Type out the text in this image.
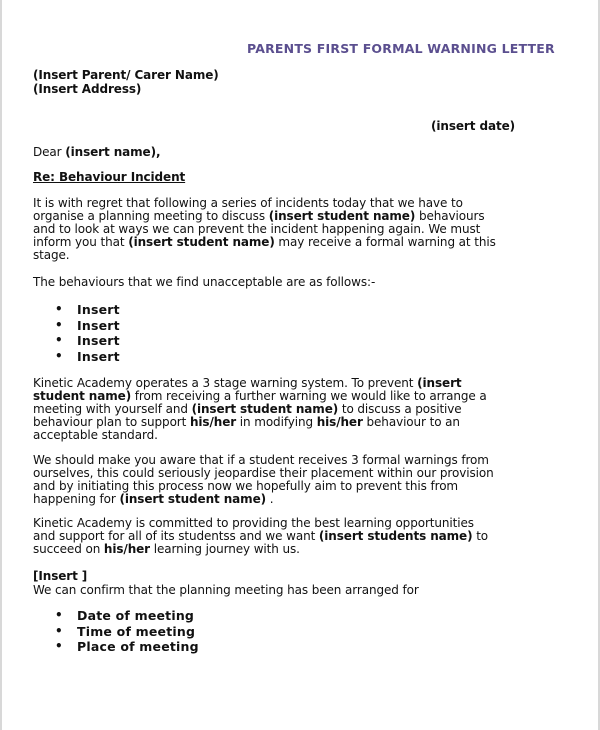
PARENTS FIRST FORMAL WARNING LETTER
(Insert Parent/ Carer Name)
(Insert Address)
(insert date)
Dear (insert name),
Re: Behaviour Incident
It is with regret that following a series of incidents today that we have to
organise a planning meeting to discuss (insert student name) behaviours
and to look at ways we can prevent the incident happening again. We must
inform you that (insert student name) may receive a formal warning at this
stage.
The behaviours that we find unacceptable are as follows:-
• Insert
• Insert
• Insert
• Insert
Kinetic Academy operates a 3 stage warning system. To prevent (insert
student name) from receiving a further warning we would like to arrange a
meeting with yourself and (insert student name) to discuss a positive
behaviour plan to support his/her in modifying his/her behaviour to an
acceptable standard.
We should make you aware that if a student receives 3 formal warnings from
ourselves, this could seriously jeopardise their placement within our provision
and by initiating this process now we hopefully aim to prevent this from
happening for (insert student name) .
Kinetic Academy is committed to providing the best learning opportunities
and support for all of its studentss and we want (insert students name) to
succeed on his/her learning journey with us.
[Insert ]
We can confirm that the planning meeting has been arranged for
• Date of meeting
• Time of meeting
• Place of meeting
